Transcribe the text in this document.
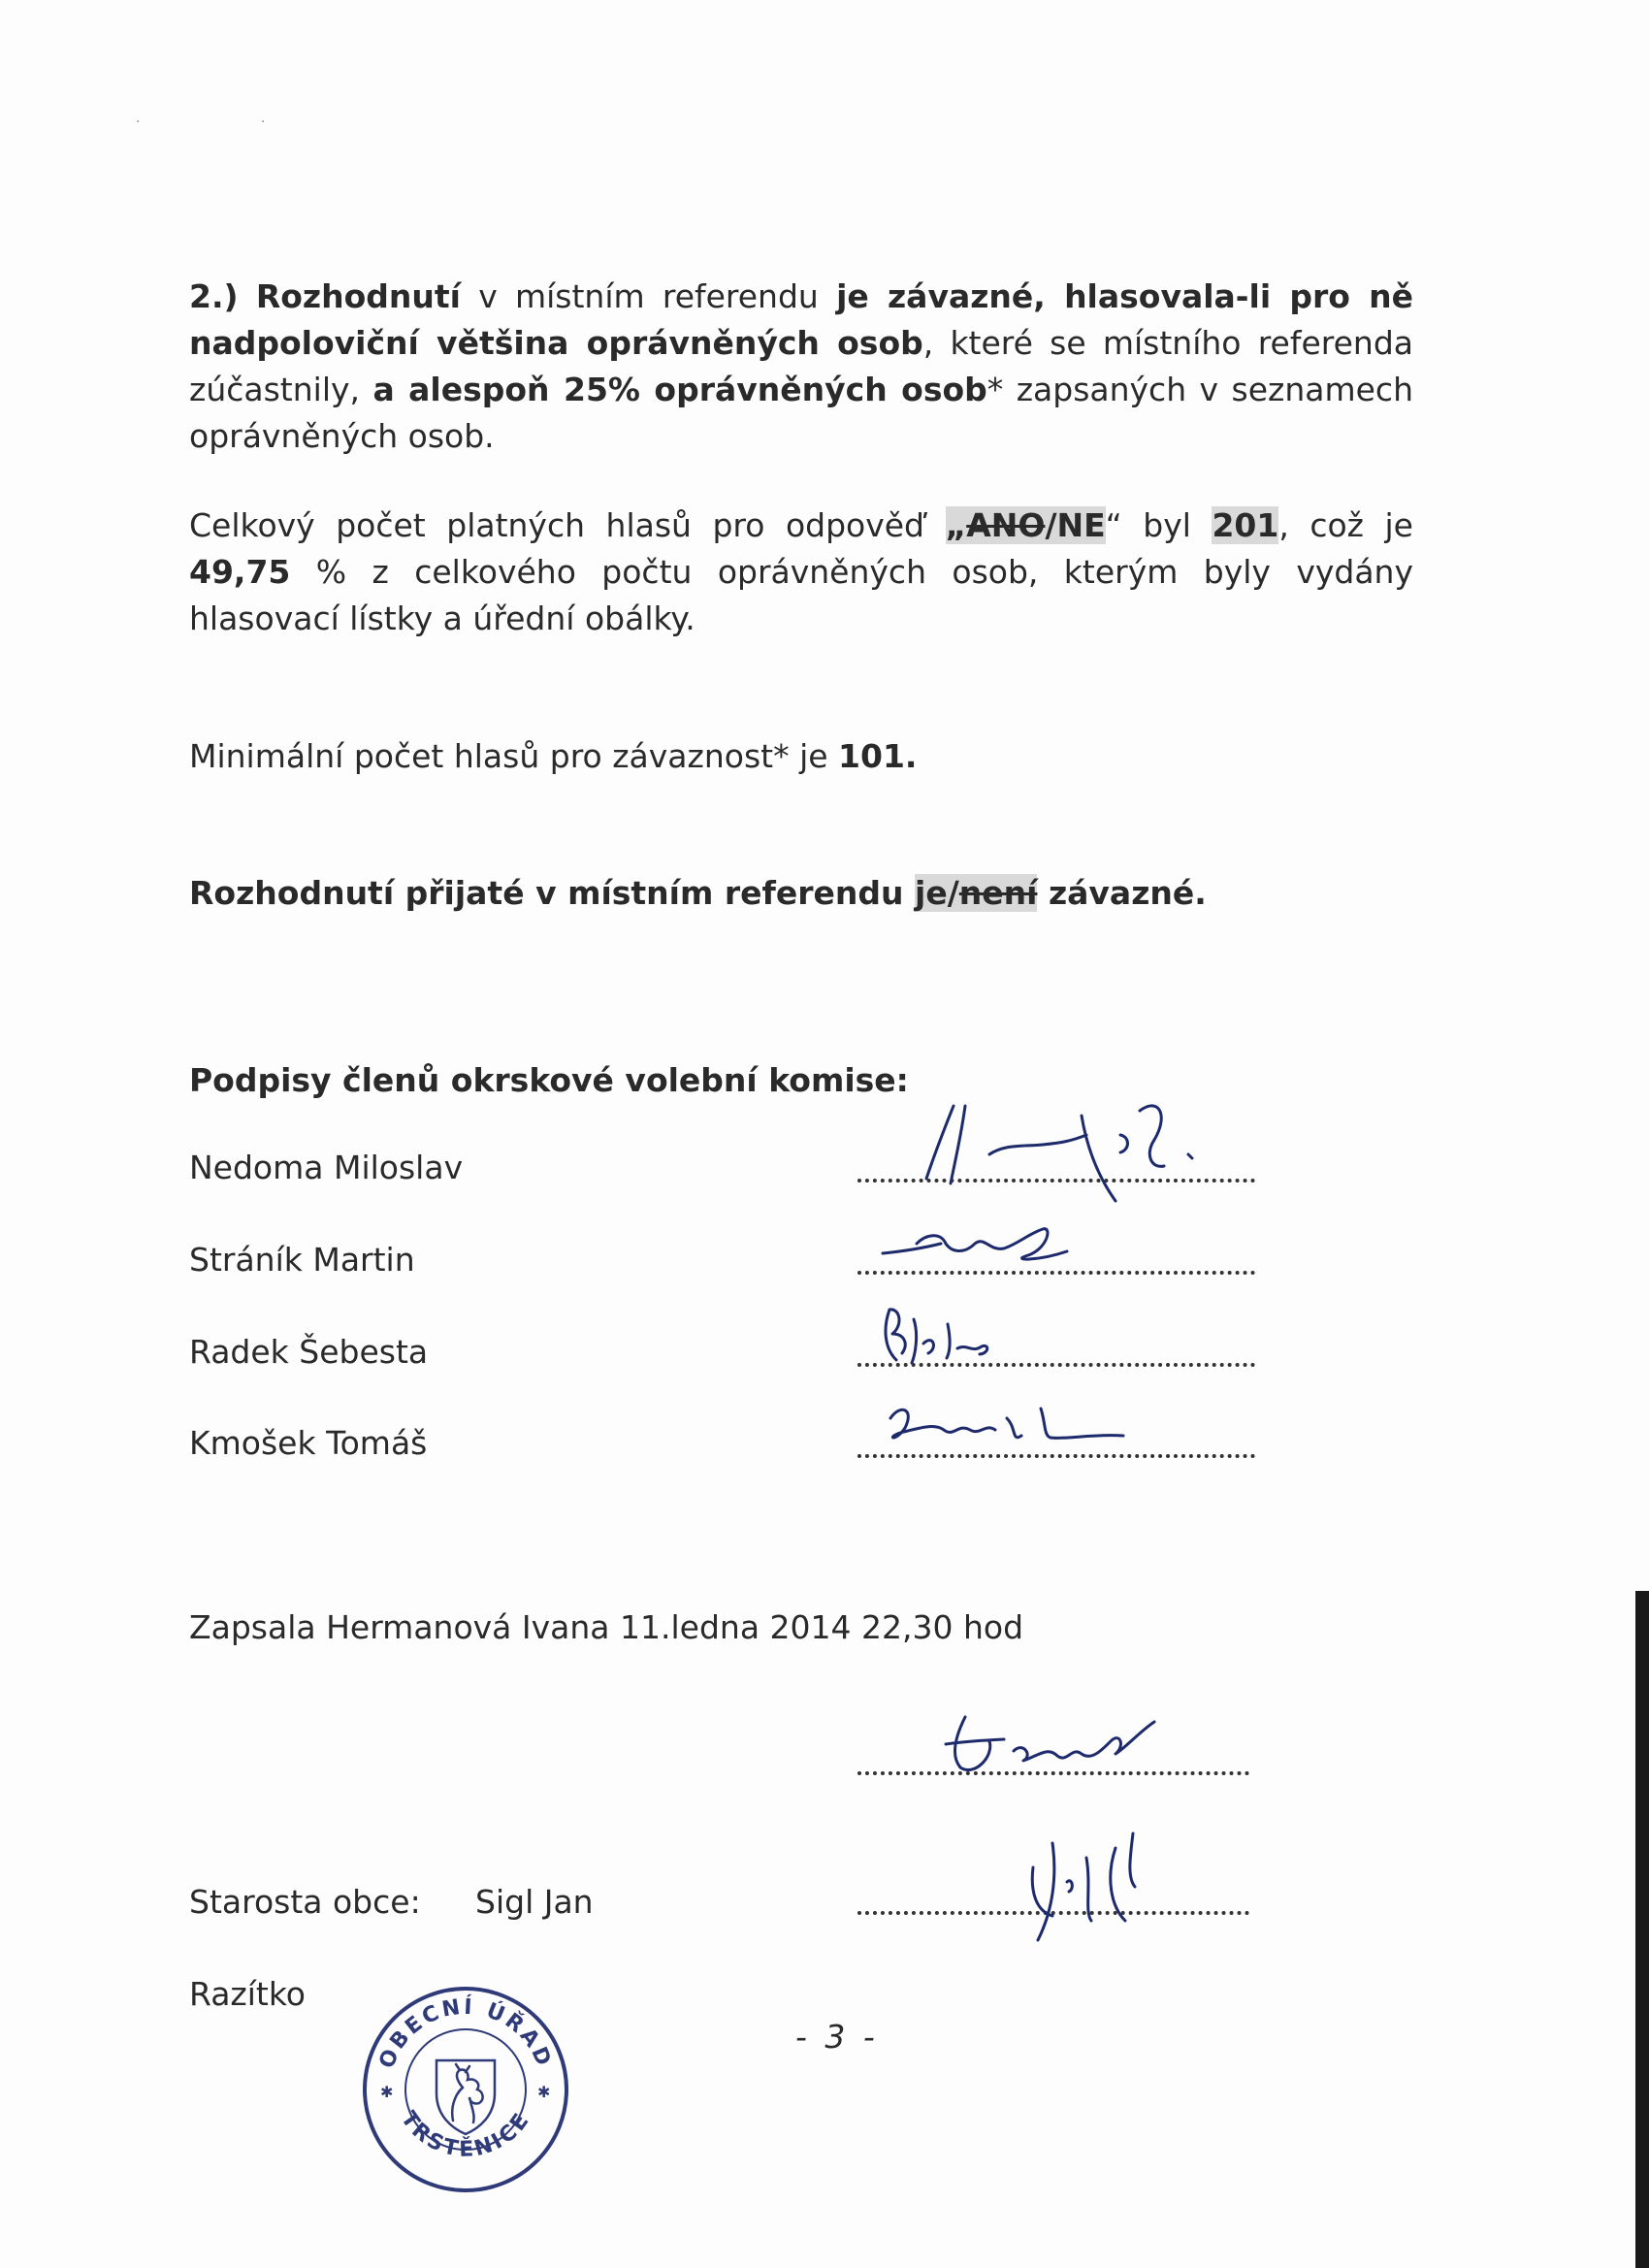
· ·
2.) Rozhodnutí v místním referendu je závazné, hlasovala-li pro ně nadpoloviční většina oprávněných osob, které se místního referenda zúčastnily, a alespoň 25% oprávněných osob* zapsaných v seznamech oprávněných osob.
Celkový počet platných hlasů pro odpověď „ANO/NE“ byl 201, což je 49,75 % z celkového počtu oprávněných osob, kterým byly vydány hlasovací lístky a úřední obálky.
Minimální počet hlasů pro závaznost* je 101.
Rozhodnutí přijaté v místním referendu je/není závazné.
Podpisy členů okrskové volební komise:
Nedoma Miloslav
Stráník Martin
Radek Šebesta
Kmošek Tomáš
Zapsala Hermanová Ivana 11.ledna 2014 22,30 hod
Starosta obce: Sigl Jan
Razítko
- 3 -
OBECNÍ ÚŘAD
TRSTĚNICE
✱	✱
